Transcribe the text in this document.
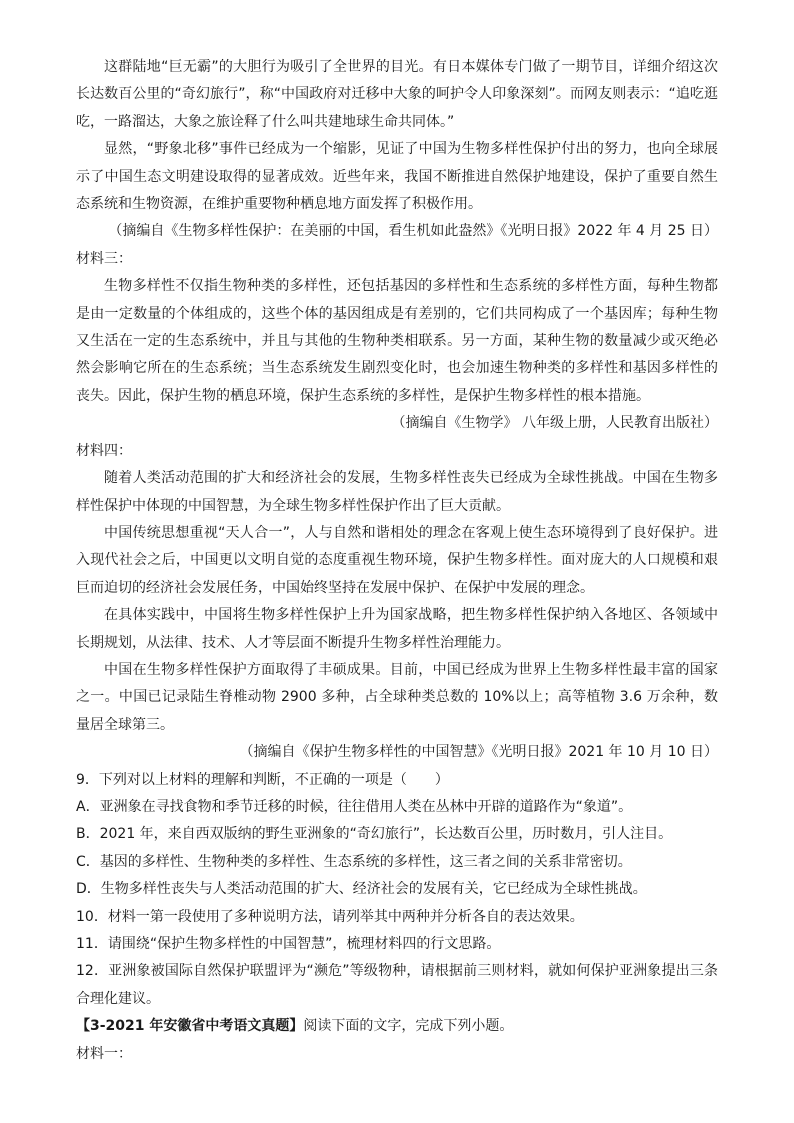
这群陆地“巨无霸”的大胆行为吸引了全世界的目光。有日本媒体专门做了一期节目，详细介绍这次长达数百公里的“奇幻旅行”，称“中国政府对迁移中大象的呵护令人印象深刻”。而网友则表示：“追吃逛吃，一路溜达，大象之旅诠释了什么叫共建地球生命共同体。”

显然，“野象北移”事件已经成为一个缩影，见证了中国为生物多样性保护付出的努力，也向全球展示了中国生态文明建设取得的显著成效。近些年来，我国不断推进自然保护地建设，保护了重要自然生态系统和生物资源，在维护重要物种栖息地方面发挥了积极作用。

（摘编自《生物多样性保护：在美丽的中国，看生机如此盎然》《光明日报》2022 年 4 月 25 日）

材料三：

生物多样性不仅指生物种类的多样性，还包括基因的多样性和生态系统的多样性方面，每种生物都是由一定数量的个体组成的，这些个体的基因组成是有差别的，它们共同构成了一个基因库；每种生物又生活在一定的生态系统中，并且与其他的生物种类相联系。另一方面，某种生物的数量减少或灭绝必然会影响它所在的生态系统；当生态系统发生剧烈变化时，也会加速生物种类的多样性和基因多样性的丧失。因此，保护生物的栖息环境，保护生态系统的多样性，是保护生物多样性的根本措施。

（摘编自《生物学》 八年级上册，人民教育出版社）

材料四：

随着人类活动范围的扩大和经济社会的发展，生物多样性丧失已经成为全球性挑战。中国在生物多样性保护中体现的中国智慧，为全球生物多样性保护作出了巨大贡献。

中国传统思想重视“天人合一”，人与自然和谐相处的理念在客观上使生态环境得到了良好保护。进入现代社会之后，中国更以文明自觉的态度重视生物环境，保护生物多样性。面对庞大的人口规模和艰巨而迫切的经济社会发展任务，中国始终坚持在发展中保护、在保护中发展的理念。

在具体实践中，中国将生物多样性保护上升为国家战略，把生物多样性保护纳入各地区、各领域中长期规划，从法律、技术、人才等层面不断提升生物多样性治理能力。

中国在生物多样性保护方面取得了丰硕成果。目前，中国已经成为世界上生物多样性最丰富的国家之一。中国已记录陆生脊椎动物 2900 多种，占全球种类总数的 10%以上；高等植物 3.6 万余种，数量居全球第三。

（摘编自《保护生物多样性的中国智慧》《光明日报》2021 年 10 月 10 日）

9．下列对以上材料的理解和判断，不正确的一项是（　　）

A．亚洲象在寻找食物和季节迁移的时候，往往借用人类在丛林中开辟的道路作为“象道”。

B．2021 年，来自西双版纳的野生亚洲象的“奇幻旅行”，长达数百公里，历时数月，引人注目。

C．基因的多样性、生物种类的多样性、生态系统的多样性，这三者之间的关系非常密切。

D．生物多样性丧失与人类活动范围的扩大、经济社会的发展有关，它已经成为全球性挑战。

10．材料一第一段使用了多种说明方法，请列举其中两种并分析各自的表达效果。

11．请围绕“保护生物多样性的中国智慧”，梳理材料四的行文思路。

12．亚洲象被国际自然保护联盟评为“濒危”等级物种，请根据前三则材料，就如何保护亚洲象提出三条合理化建议。

【3-2021 年安徽省中考语文真题】阅读下面的文字，完成下列小题。

材料一：
